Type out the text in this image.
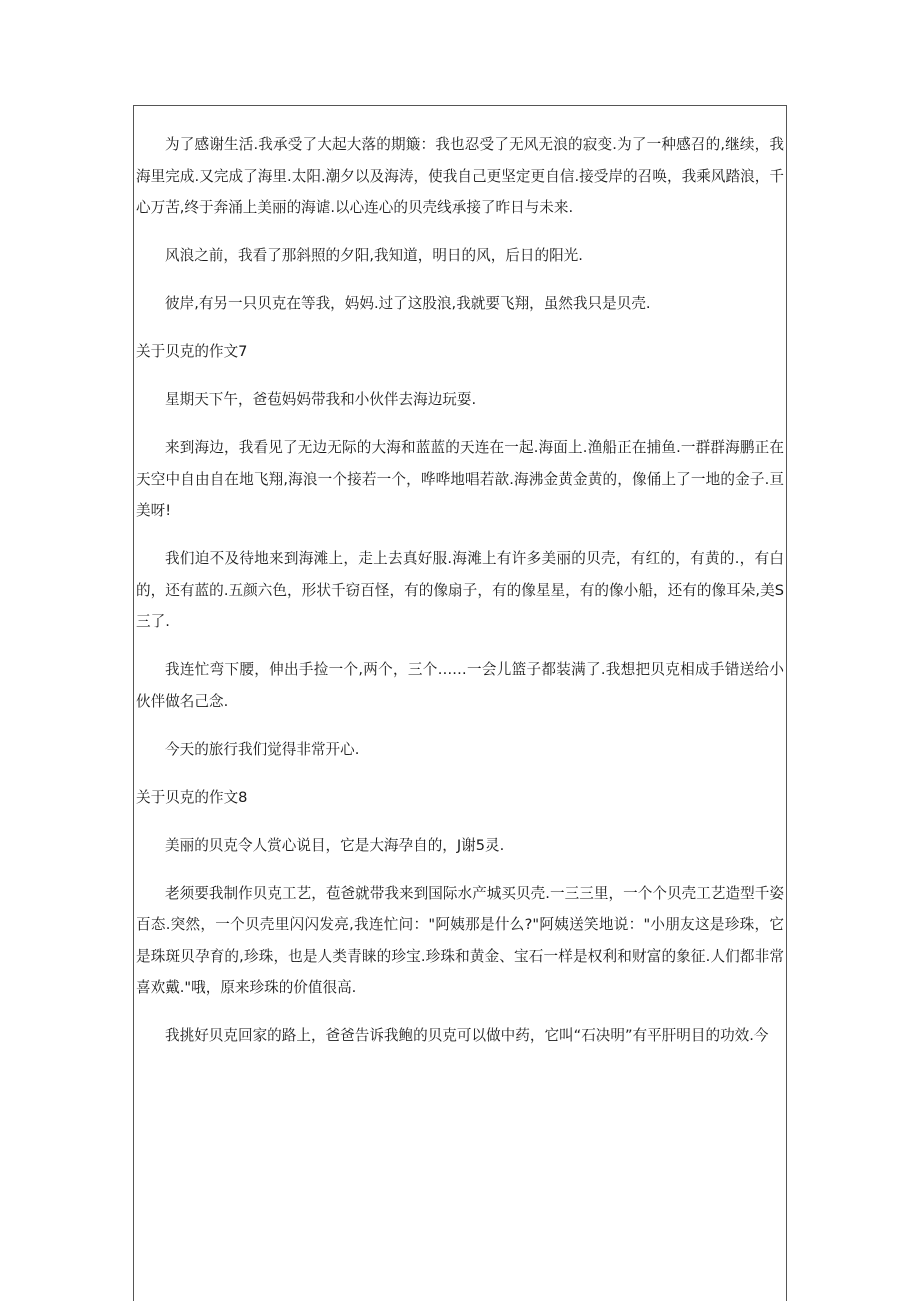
为了感谢生活.我承受了大起大落的期簸：我也忍受了无风无浪的寂变.为了一种感召的,继续，我海里完成.又完成了海里.太阳.潮夕以及海涛，使我自己更坚定更自信.接受岸的召唤，我乘风踏浪，千心万苦,终于奔涌上美丽的海谑.以心连心的贝壳线承接了昨日与未来.

风浪之前，我看了那斜照的夕阳,我知道，明日的风，后日的阳光.

彼岸,有另一只贝克在等我，妈妈.过了这股浪,我就要飞翔，虽然我只是贝壳.

关于贝克的作文7

星期天下午，爸苞妈妈带我和小伙伴去海边玩耍.

来到海边，我看见了无边无际的大海和蓝蓝的天连在一起.海面上.渔船正在捕鱼.一群群海鹏正在天空中自由自在地飞翔,海浪一个接若一个，哗哗地唱若歆.海沸金黄金黄的，像俑上了一地的金子.亘美呀!

我们迫不及待地来到海滩上，走上去真好服.海滩上有许多美丽的贝壳，有红的，有黄的.，有白的，还有蓝的.五颜六色，形状千窃百怪，有的像扇子，有的像星星，有的像小船，还有的像耳朵,美S三了.

我连忙弯下腰，伸出手捡一个,两个，三个……一会儿篮子都装满了.我想把贝克相成手错送给小伙伴做名己念.

今天的旅行我们觉得非常开心.

关于贝克的作文8

美丽的贝克令人赏心说目，它是大海孕自的，J谢5灵.

老须要我制作贝克工艺，苞爸就带我来到国际水产城买贝壳.一三三里，一个个贝壳工艺造型千姿百态.突然，一个贝壳里闪闪发亮,我连忙问："阿姨那是什么?"阿姨送笑地说："小朋友这是珍珠，它是珠斑贝孕育的,珍珠，也是人类青睐的珍宝.珍珠和黄金、宝石一样是权利和财富的象征.人们都非常喜欢戴."哦，原来珍珠的价值很高.

我挑好贝克回家的路上，爸爸告诉我鲍的贝克可以做中药，它叫“石决明”有平肝明目的功效.今
